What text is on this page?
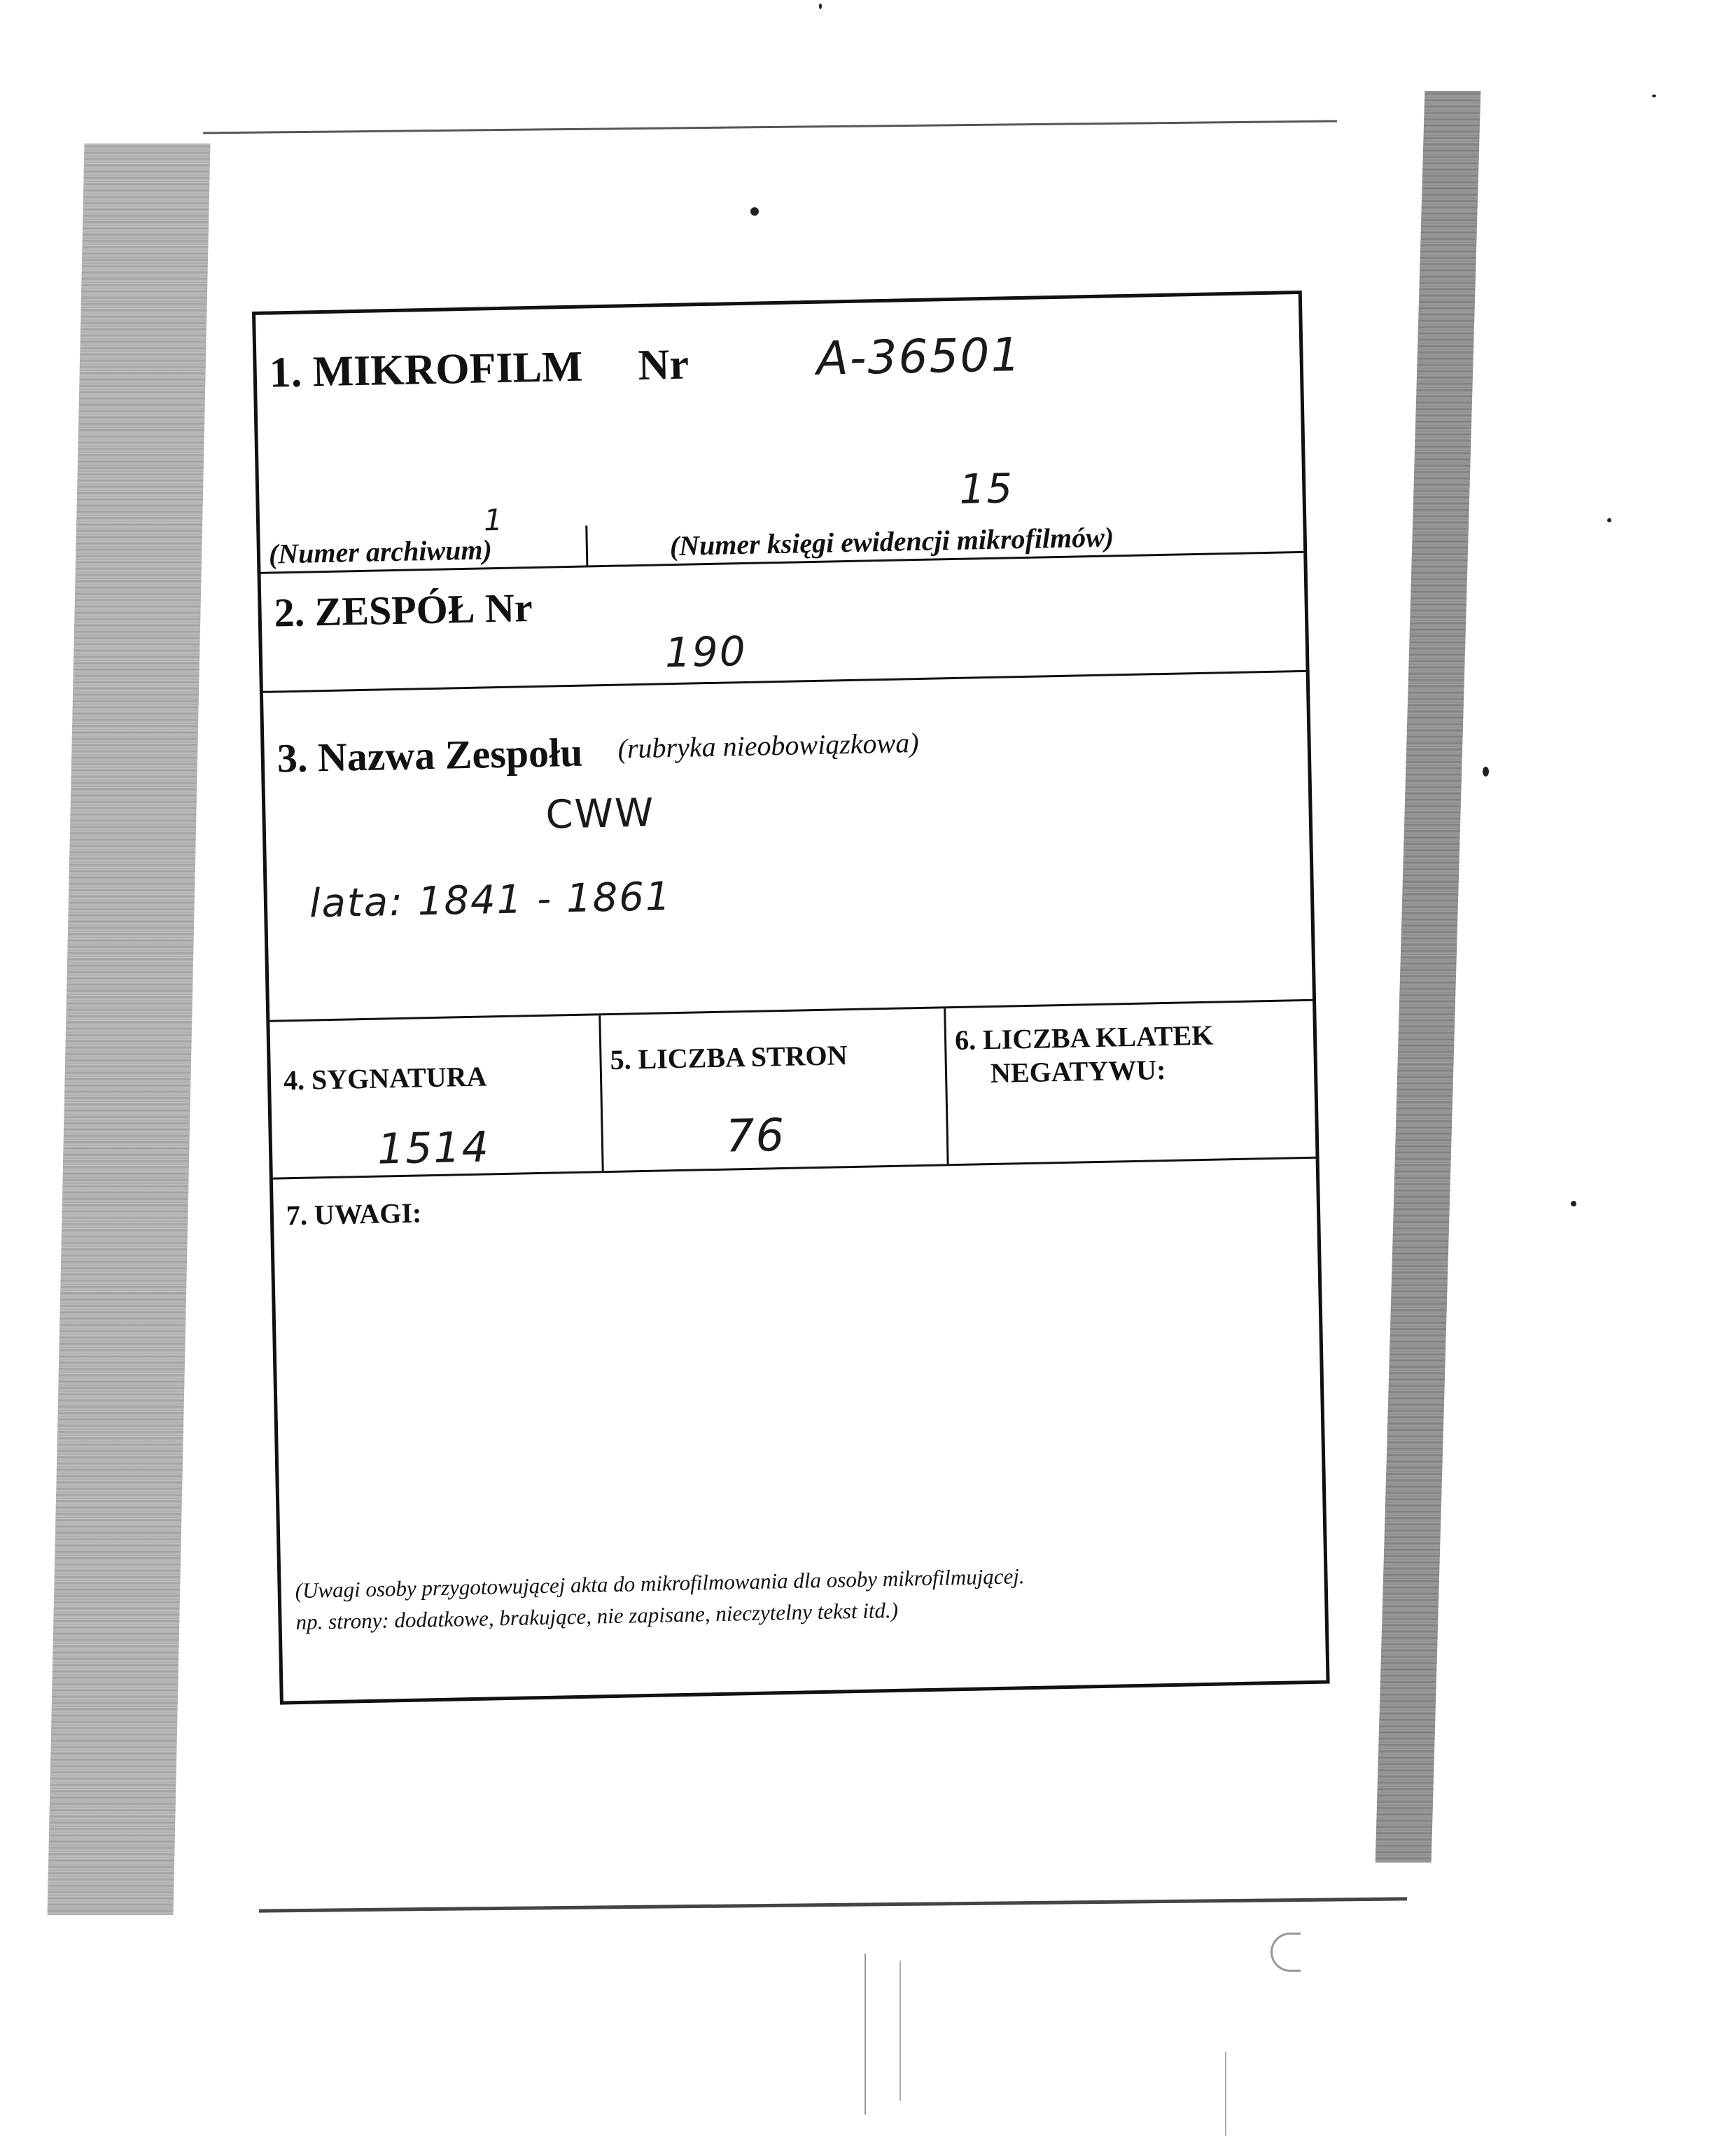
1. MIKROFILM Nr	A-36501
1
15
(Numer archiwum)	(Numer księgi ewidencji mikrofilmów)
2. ZESPÓŁ Nr
190
3. Nazwa Zespołu (rubryka nieobowiązkowa)
CWW
lata: 1841 - 1861
4. SYGNATURA
1514
5. LICZBA STRON
76
6. LICZBA KLATEK
NEGATYWU:
7. UWAGI:
(Uwagi osoby przygotowującej akta do mikrofilmowania dla osoby mikrofilmującej.
np. strony: dodatkowe, brakujące, nie zapisane, nieczytelny tekst itd.)
